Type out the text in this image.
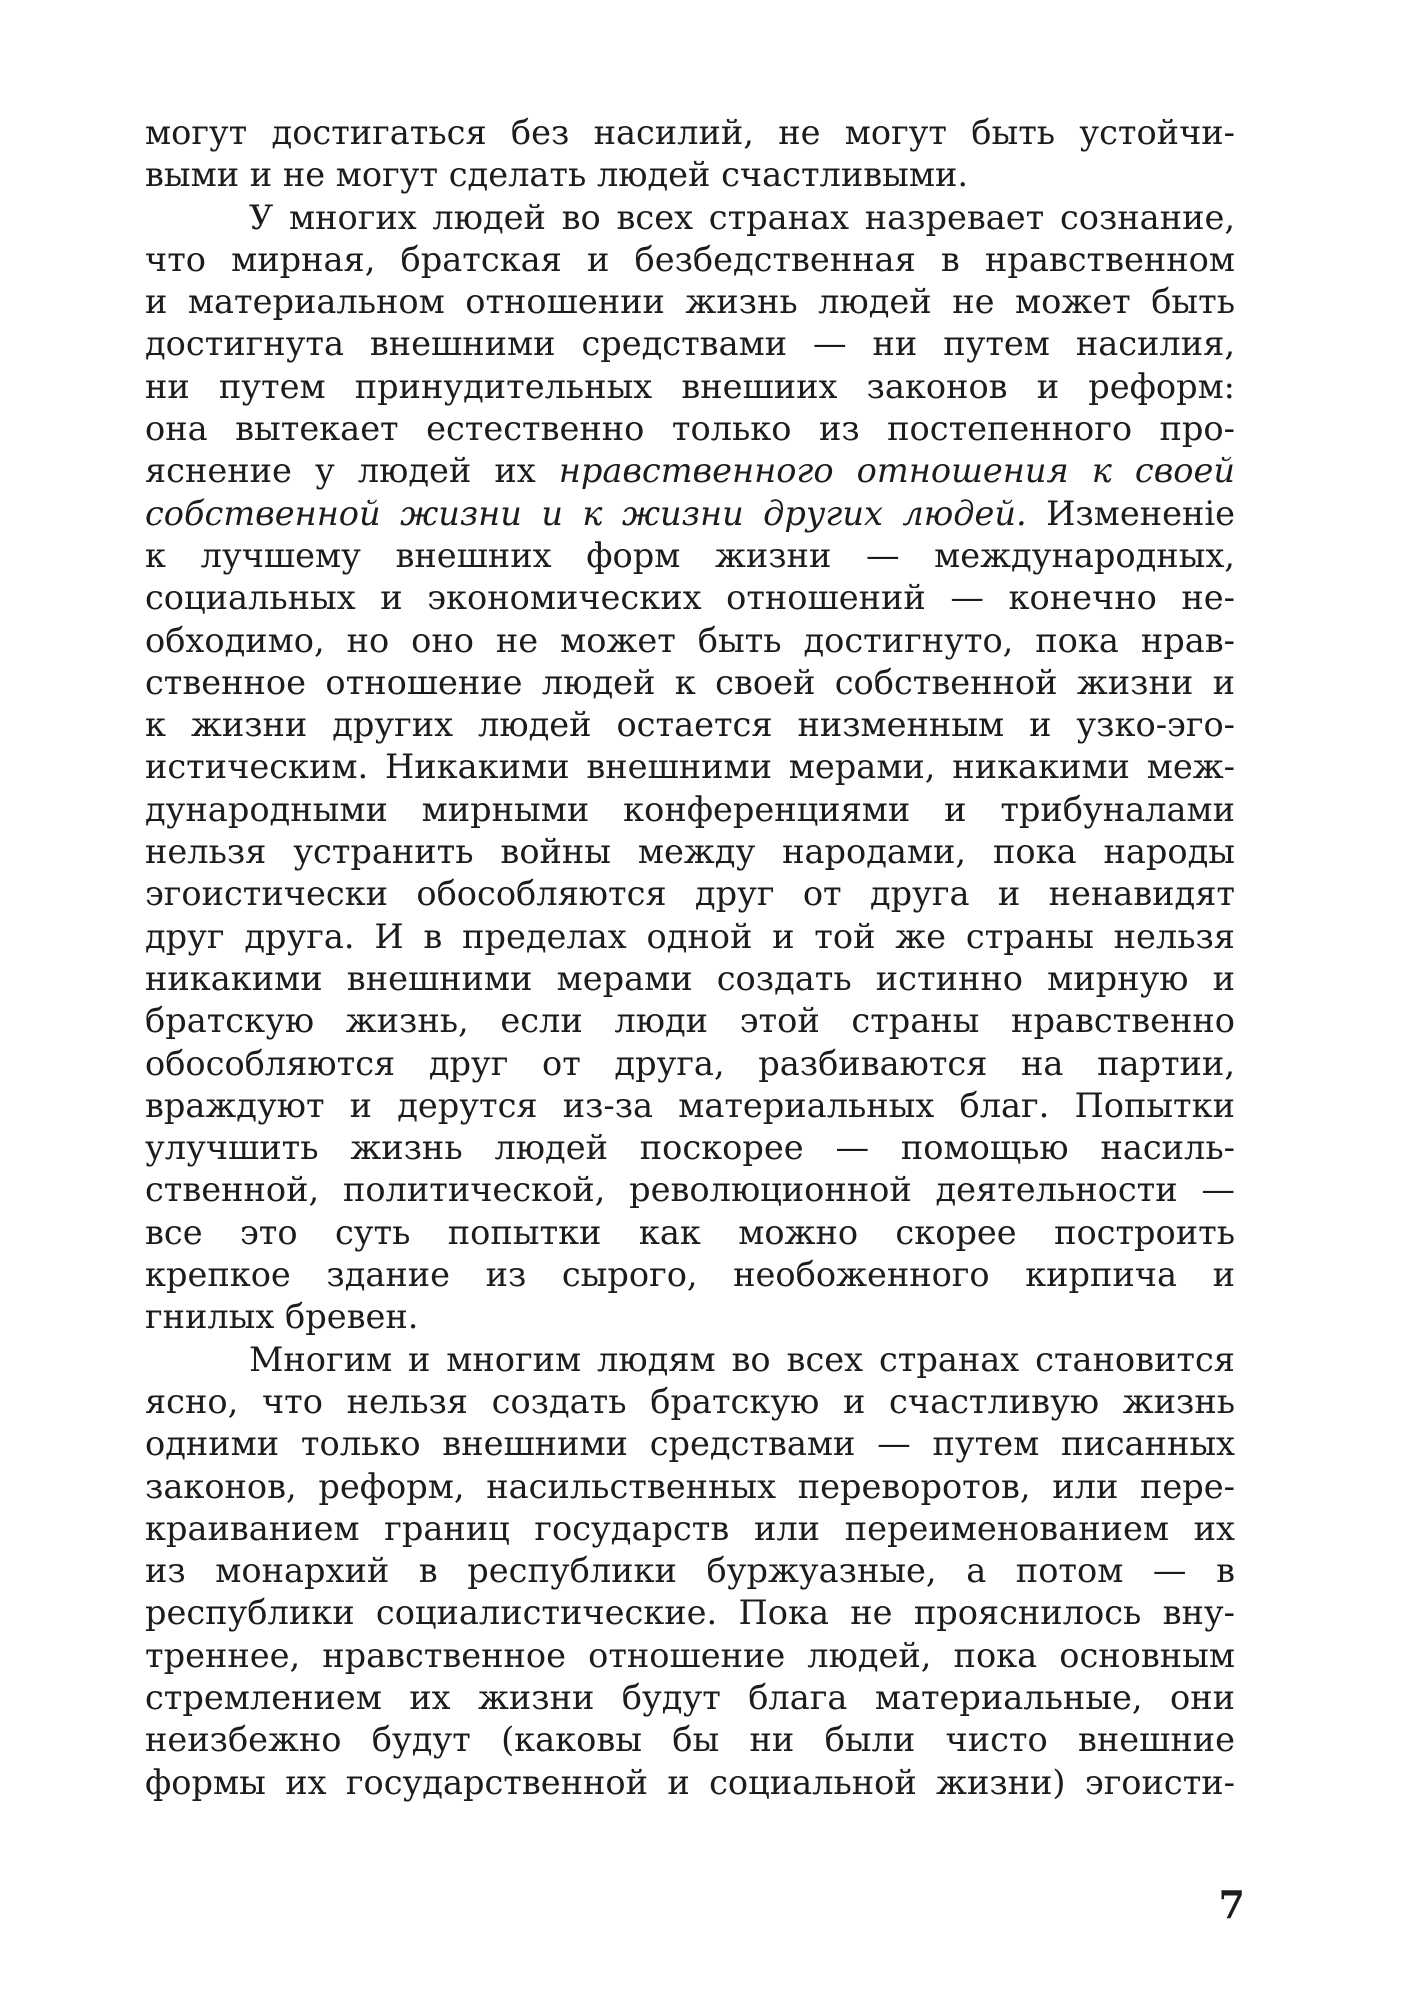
могут достигаться без насилий, не могут быть устойчи-
выми и не могут сделать людей счастливыми.
У многих людей во всех странах назревает сознание,
что мирная, братская и безбедственная в нравственном
и материальном отношении жизнь людей не может быть
достигнута внешними средствами — ни путем насилия,
ни путем принудительных внешиих законов и реформ:
она вытекает естественно только из постепенного про-
яснение у людей их нравственного отношения к своей
собственной жизни и к жизни других людей. Измененіе
к лучшему внешних форм жизни — международных,
социальных и экономических отношений — конечно не-
обходимо, но оно не может быть достигнуто, пока нрав-
ственное отношение людей к своей собственной жизни и
к жизни других людей остается низменным и узко-эго-
истическим. Никакими внешними мерами, никакими меж-
дународными мирными конференциями и трибуналами
нельзя устранить войны между народами, пока народы
эгоистически обособляются друг от друга и ненавидят
друг друга. И в пределах одной и той же страны нельзя
никакими внешними мерами создать истинно мирную и
братскую жизнь, если люди этой страны нравственно
обособляются друг от друга, разбиваются на партии,
враждуют и дерутся из-за материальных благ. Попытки
улучшить жизнь людей поскорее — помощью насиль-
ственной, политической, революционной деятельности —
все это суть попытки как можно скорее построить
крепкое здание из сырого, необоженного кирпича и
гнилых бревен.
Многим и многим людям во всех странах становится
ясно, что нельзя создать братскую и счастливую жизнь
одними только внешними средствами — путем писанных
законов, реформ, насильственных переворотов, или пере-
краиванием границ государств или переименованием их
из монархий в республики буржуазные, а потом — в
республики социалистические. Пока не прояснилось вну-
треннее, нравственное отношение людей, пока основным
стремлением их жизни будут блага материальные, они
неизбежно будут (каковы бы ни были чисто внешние
формы их государственной и социальной жизни) эгоисти-
7
